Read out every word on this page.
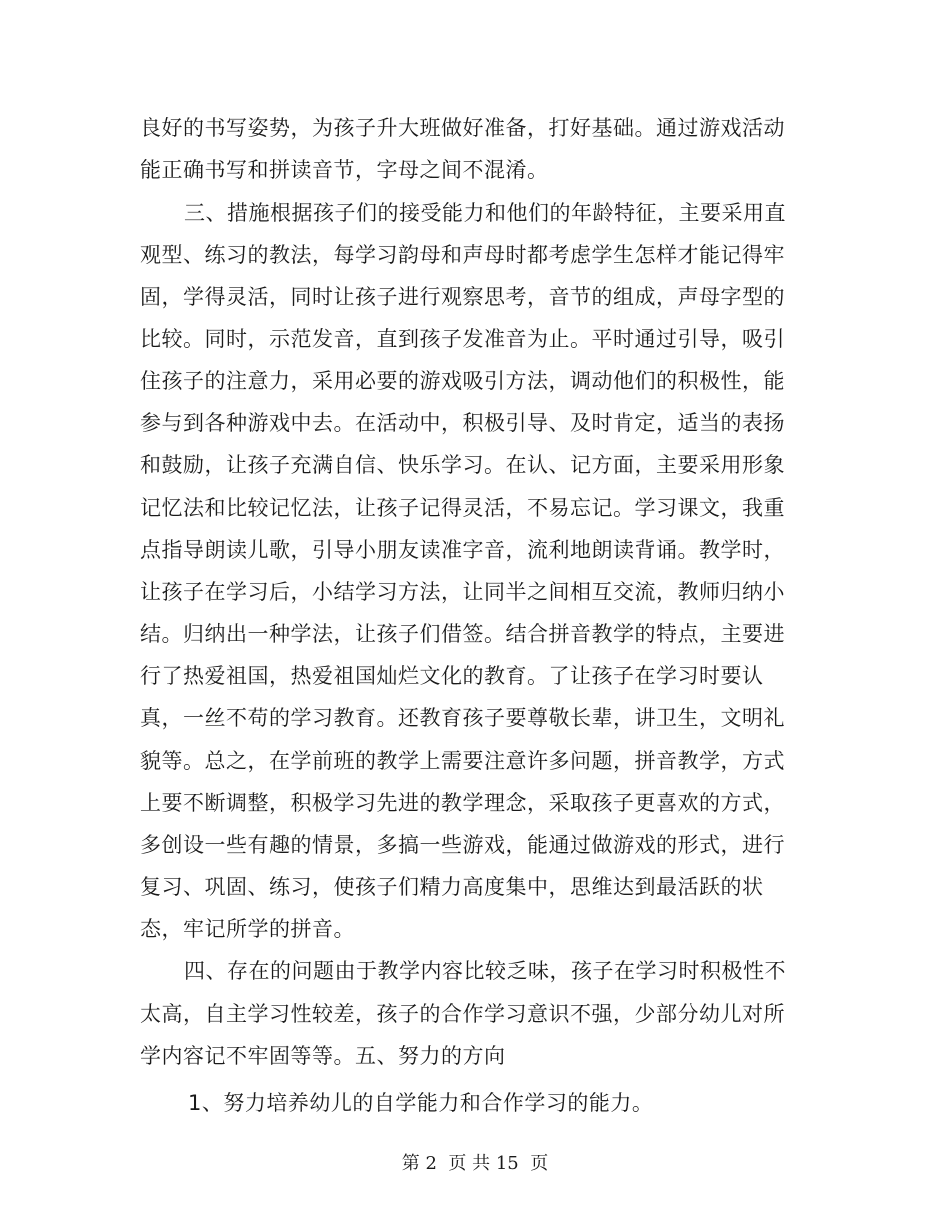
良好的书写姿势，为孩子升大班做好准备，打好基础。通过游戏活动
能正确书写和拼读音节，字母之间不混淆。
三、措施根据孩子们的接受能力和他们的年龄特征，主要采用直
观型、练习的教法，每学习韵母和声母时都考虑学生怎样才能记得牢
固，学得灵活，同时让孩子进行观察思考，音节的组成，声母字型的
比较。同时，示范发音，直到孩子发准音为止。平时通过引导，吸引
住孩子的注意力，采用必要的游戏吸引方法，调动他们的积极性，能
参与到各种游戏中去。在活动中，积极引导、及时肯定，适当的表扬
和鼓励，让孩子充满自信、快乐学习。在认、记方面，主要采用形象
记忆法和比较记忆法，让孩子记得灵活，不易忘记。学习课文，我重
点指导朗读儿歌，引导小朋友读准字音，流利地朗读背诵。教学时，
让孩子在学习后，小结学习方法，让同半之间相互交流，教师归纳小
结。归纳出一种学法，让孩子们借签。结合拼音教学的特点，主要进
行了热爱祖国，热爱祖国灿烂文化的教育。了让孩子在学习时要认
真，一丝不苟的学习教育。还教育孩子要尊敬长辈，讲卫生，文明礼
貌等。总之，在学前班的教学上需要注意许多问题，拼音教学，方式
上要不断调整，积极学习先进的教学理念，采取孩子更喜欢的方式，
多创设一些有趣的情景，多搞一些游戏，能通过做游戏的形式，进行
复习、巩固、练习，使孩子们精力高度集中，思维达到最活跃的状
态，牢记所学的拼音。
四、存在的问题由于教学内容比较乏味，孩子在学习时积极性不
太高，自主学习性较差，孩子的合作学习意识不强，少部分幼儿对所
学内容记不牢固等等。五、努力的方向
1、努力培养幼儿的自学能力和合作学习的能力。
第 2  页 共 15  页
